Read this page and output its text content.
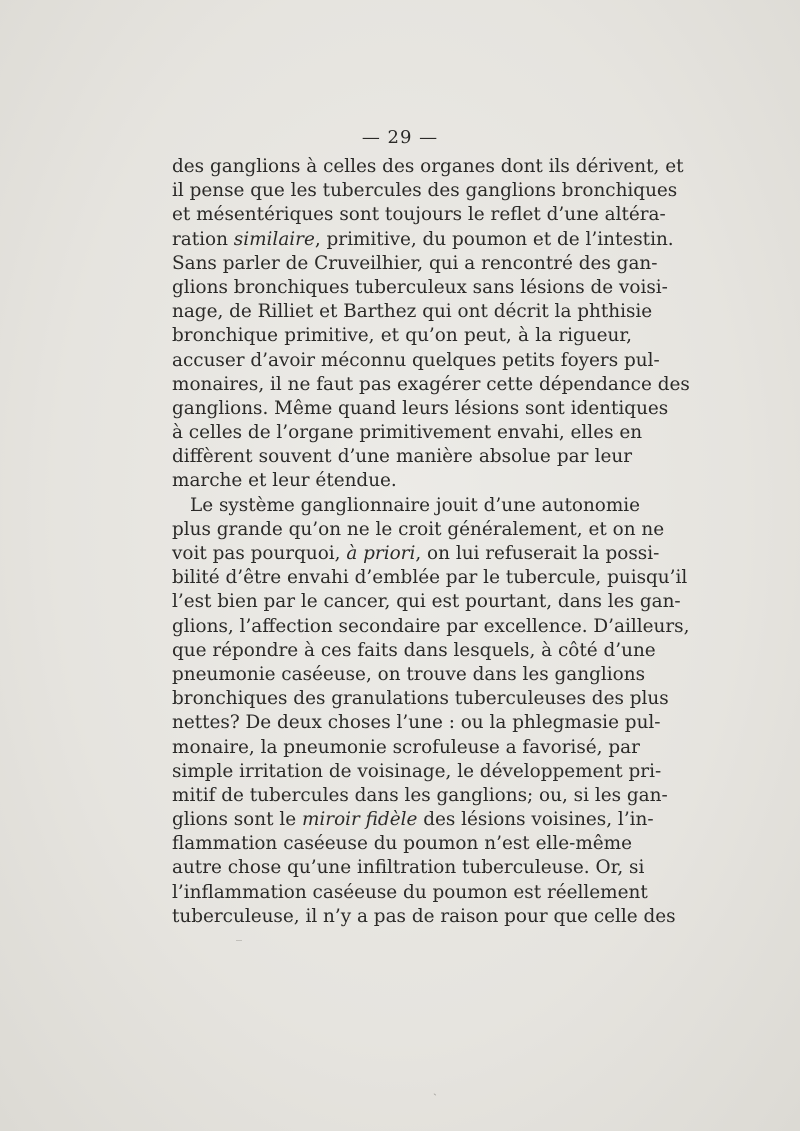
— 29 —
des ganglions à celles des organes dont ils dérivent, et
il pense que les tubercules des ganglions bronchiques
et mésentériques sont toujours le reflet d’une altéra-
ration similaire, primitive, du poumon et de l’intestin.
Sans parler de Cruveilhier, qui a rencontré des gan-
glions bronchiques tuberculeux sans lésions de voisi-
nage, de Rilliet et Barthez qui ont décrit la phthisie
bronchique primitive, et qu’on peut, à la rigueur,
accuser d’avoir méconnu quelques petits foyers pul-
monaires, il ne faut pas exagérer cette dépendance des
ganglions. Même quand leurs lésions sont identiques
à celles de l’organe primitivement envahi, elles en
diffèrent souvent d’une manière absolue par leur
marche et leur étendue.
Le système ganglionnaire jouit d’une autonomie
plus grande qu’on ne le croit généralement, et on ne
voit pas pourquoi, à priori, on lui refuserait la possi-
bilité d’être envahi d’emblée par le tubercule, puisqu’il
l’est bien par le cancer, qui est pourtant, dans les gan-
glions, l’affection secondaire par excellence. D’ailleurs,
que répondre à ces faits dans lesquels, à côté d’une
pneumonie caséeuse, on trouve dans les ganglions
bronchiques des granulations tuberculeuses des plus
nettes? De deux choses l’une : ou la phlegmasie pul-
monaire, la pneumonie scrofuleuse a favorisé, par
simple irritation de voisinage, le développement pri-
mitif de tubercules dans les ganglions; ou, si les gan-
glions sont le miroir fidèle des lésions voisines, l’in-
flammation caséeuse du poumon n’est elle-même
autre chose qu’une infiltration tuberculeuse. Or, si
l’inflammation caséeuse du poumon est réellement
tuberculeuse, il n’y a pas de raison pour que celle des
‾
ˏ
